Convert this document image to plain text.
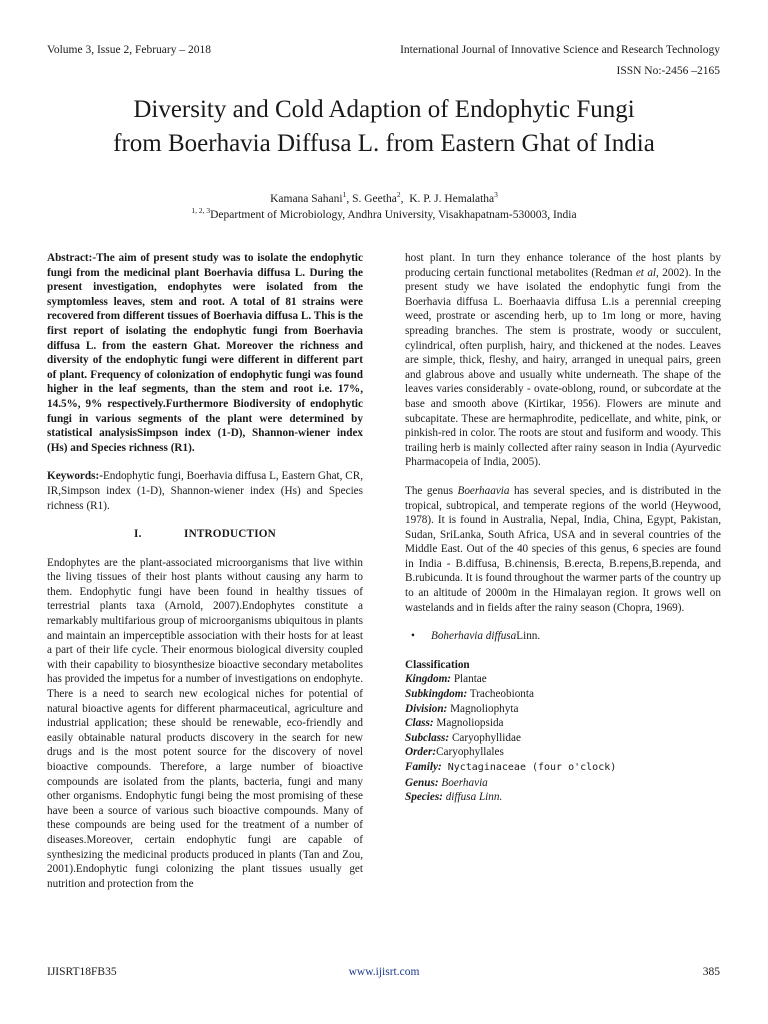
Volume 3, Issue 2, February – 2018	International Journal of Innovative Science and Research Technology
ISSN No:-2456 –2165
Diversity and Cold Adaption of Endophytic Fungi
from Boerhavia Diffusa L. from Eastern Ghat of India
Kamana Sahani$^1$, S. Geetha$^2$,  K. P. J. Hemalatha$^3$
$^{1, 2, 3}$Department of Microbiology, Andhra University, Visakhapatnam-530003, India

Abstract:-The aim of present study was to isolate the endophytic fungi from the medicinal plant Boerhavia diffusa L. During the present investigation, endophytes were isolated from the symptomless leaves, stem and root. A total of 81 strains were recovered from different tissues of Boerhavia diffusa L. This is the first report of isolating the endophytic fungi from Boerhavia diffusa L. from the eastern Ghat. Moreover the richness and diversity of the endophytic fungi were different in different part of plant. Frequency of colonization of endophytic fungi was found higher in the leaf segments, than the stem and root i.e. 17%, 14.5%, 9% respectively.Furthermore Biodiversity of endophytic fungi in various segments of the plant were determined by statistical analysisSimpson index (1-D), Shannon-wiener index (Hs) and Species richness (R1).

Keywords:-Endophytic fungi, Boerhavia diffusa L, Eastern Ghat, CR, IR,Simpson index (1-D), Shannon-wiener index (Hs) and Species richness (R1).

I.	INTRODUCTION

Endophytes are the plant-associated microorganisms that live within the living tissues of their host plants without causing any harm to them. Endophytic fungi have been found in healthy tissues of terrestrial plants taxa (Arnold, 2007).Endophytes constitute a remarkably multifarious group of microorganisms ubiquitous in plants and maintain an imperceptible association with their hosts for at least a part of their life cycle. Their enormous biological diversity coupled with their capability to biosynthesize bioactive secondary metabolites has provided the impetus for a number of investigations on endophyte. There is a need to search new ecological niches for potential of natural bioactive agents for different pharmaceutical, agriculture and industrial application; these should be renewable, eco-friendly and easily obtainable natural products discovery in the search for new drugs and is the most potent source for the discovery of novel bioactive compounds. Therefore, a large number of bioactive compounds are isolated from the plants, bacteria, fungi and many other organisms. Endophytic fungi being the most promising of these have been a source of various such bioactive compounds. Many of these compounds are being used for the treatment of a number of diseases.Moreover, certain endophytic fungi are capable of synthesizing the medicinal products produced in plants (Tan and Zou, 2001).Endophytic fungi colonizing the plant tissues usually get nutrition and protection from the

host plant. In turn they enhance tolerance of the host plants by producing certain functional metabolites (Redman et al, 2002). In the present study we have isolated the endophytic fungi from the Boerhavia diffusa L. Boerhaavia diffusa L.is a perennial creeping weed, prostrate or ascending herb, up to 1m long or more, having spreading branches. The stem is prostrate, woody or succulent, cylindrical, often purplish, hairy, and thickened at the nodes. Leaves are simple, thick, fleshy, and hairy, arranged in unequal pairs, green and glabrous above and usually white underneath. The shape of the leaves varies considerably - ovate-oblong, round, or subcordate at the base and smooth above (Kirtikar, 1956). Flowers are minute and subcapitate. These are hermaphrodite, pedicellate, and white, pink, or pinkish-red in color. The roots are stout and fusiform and woody. This trailing herb is mainly collected after rainy season in India (Ayurvedic Pharmacopeia of India, 2005).

The genus Boerhaavia has several species, and is distributed in the tropical, subtropical, and temperate regions of the world (Heywood, 1978). It is found in Australia, Nepal, India, China, Egypt, Pakistan, Sudan, SriLanka, South Africa, USA and in several countries of the Middle East. Out of the 40 species of this genus, 6 species are found in India - B.diffusa, B.chinensis, B.erecta, B.repens,B.rependa, and B.rubicunda. It is found throughout the warmer parts of the country up to an altitude of 2000m in the Himalayan region. It grows well on wastelands and in fields after the rainy season (Chopra, 1969).

•	Boherhavia diffusaLinn.
Classification
Kingdom: Plantae
Subkingdom: Tracheobionta
Division: Magnoliophyta
Class: Magnoliopsida
Subclass: Caryophyllidae
Order:Caryophyllales
Family: Nyctaginaceae (four o'clock)
Genus: Boerhavia
Species: diffusa Linn.
IJISRT18FB35	www.ijisrt.com	385
